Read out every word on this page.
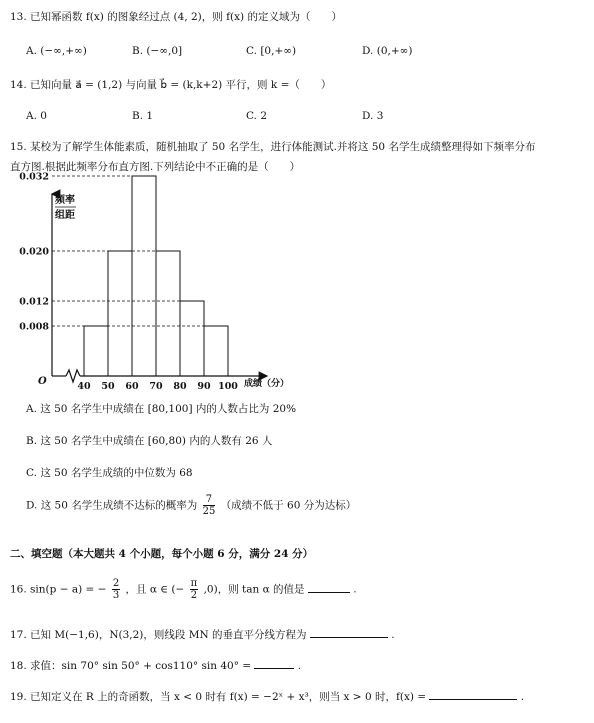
13. 已知幂函数 f(x) 的图象经过点 (4, 2)，则 f(x) 的定义域为（　　）
A. (−∞,+∞)	B. (−∞,0]	C. [0,+∞)	D. (0,+∞)
14. 已知向量 a⃗ = (1,2) 与向量 b⃗ = (k,k+2) 平行，则 k =（　　）
A. 0	B. 1	C. 2	D. 3
15. 某校为了解学生体能素质，随机抽取了 50 名学生，进行体能测试.并将这 50 名学生成绩整理得如下频率分布
直方图.根据此频率分布直方图.下列结论中不正确的是（　　）
频率
组距
O	成绩（分）
40 50 60 70 80 90 100
0.008
0.012
0.020
0.032
A. 这 50 名学生中成绩在 [80,100] 内的人数占比为 20%
B. 这 50 名学生中成绩在 [60,80) 内的人数有 26 人
C. 这 50 名学生成绩的中位数为 68
D. 这 50 名学生成绩不达标的概率为 $\frac{7}{25}$ （成绩不低于 60 分为达标）
二、填空题（本大题共 4 个小题，每个小题 6 分，满分 24 分）
16. sin(p − a) = − $\frac{2}{3}$ ，且 α ∈ (− $\frac{\pi}{2} ,0$)，则 tan α 的值是	.
17. 已知 M(−1,6)，N(3,2)，则线段 MN 的垂直平分线方程为	.
18. 求值：sin 70° sin 50° + cos110° sin 40° =	.
19. 已知定义在 R 上的奇函数，当 x < 0 时有 f(x) = −2ˣ + x³，则当 x > 0 时，f(x) =	.
